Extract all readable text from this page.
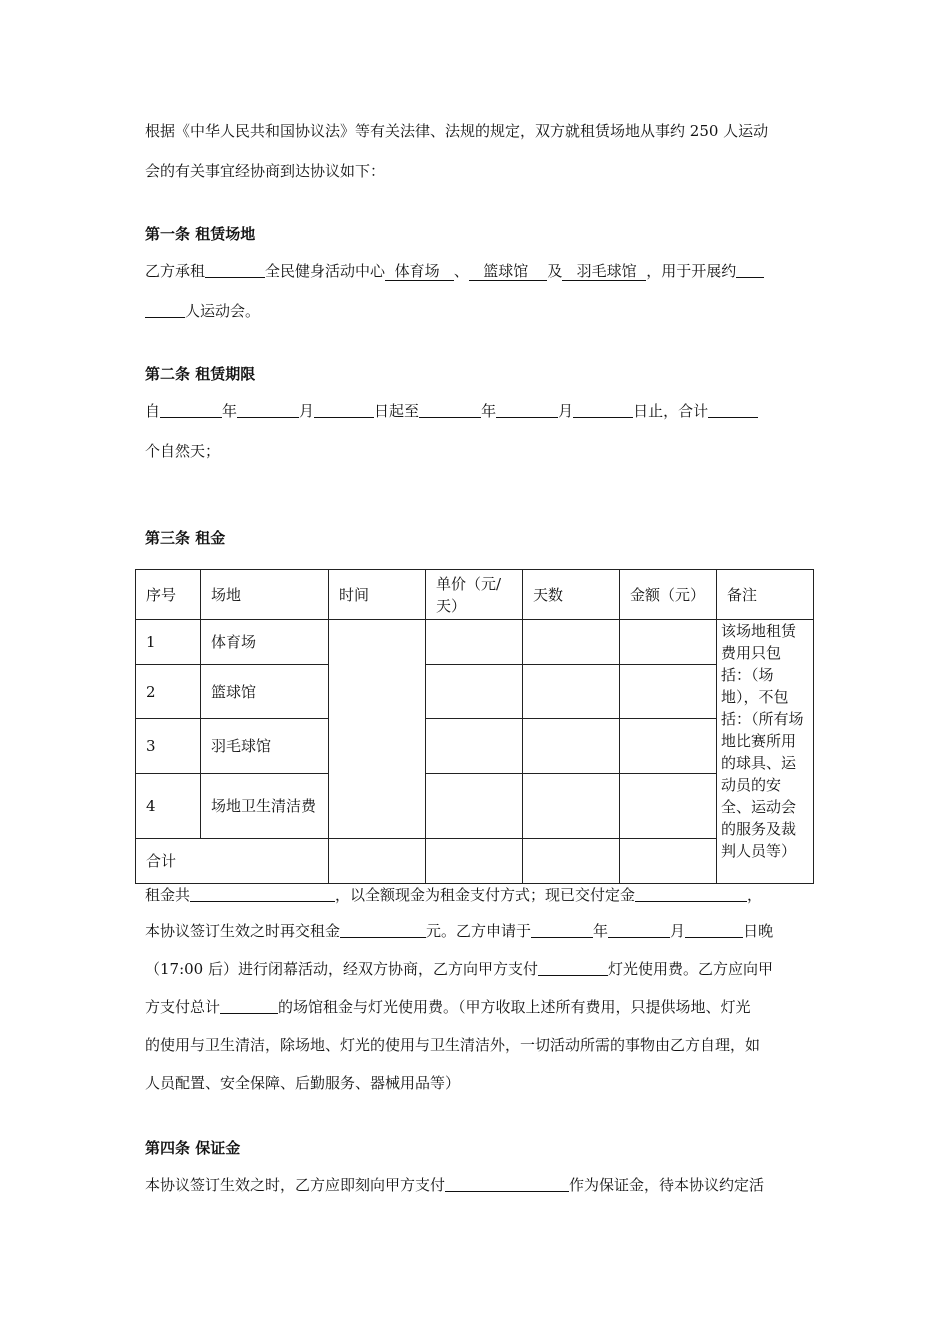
根据《中华人民共和国协议法》等有关法律、法规的规定，双方就租赁场地从事约 250 人运动

会的有关事宜经协商到达协议如下：

第一条 租赁场地

乙方承租	全民健身活动中心 体育场 、 篮球馆 及 羽毛球馆 ，用于开展约

人运动会。

第二条 租赁期限

自	年	月	日起至	年	月	日止，合计

个自然天；

第三条 租金
序号	场地	时间	单价（元/天）	天数	金额（元）	备注
1	体育场					该场地租赁费用只包括：（场地），不包括：（所有场地比赛所用的球具、运动员的安全、运动会的服务及裁判人员等）
2	篮球馆					
3	羽毛球馆					
4	场地卫生清洁费					
合计						

租金共	，以全额现金为租金支付方式；现已交付定金	，

本协议签订生效之时再交租金	元。乙方申请于	年	月	日晚

（17:00 后）进行闭幕活动，经双方协商，乙方向甲方支付	灯光使用费。乙方应向甲

方支付总计	的场馆租金与灯光使用费。（甲方收取上述所有费用，只提供场地、灯光

的使用与卫生清洁，除场地、灯光的使用与卫生清洁外，一切活动所需的事物由乙方自理，如

人员配置、安全保障、后勤服务、器械用品等）

第四条 保证金

本协议签订生效之时，乙方应即刻向甲方支付	作为保证金，待本协议约定活
